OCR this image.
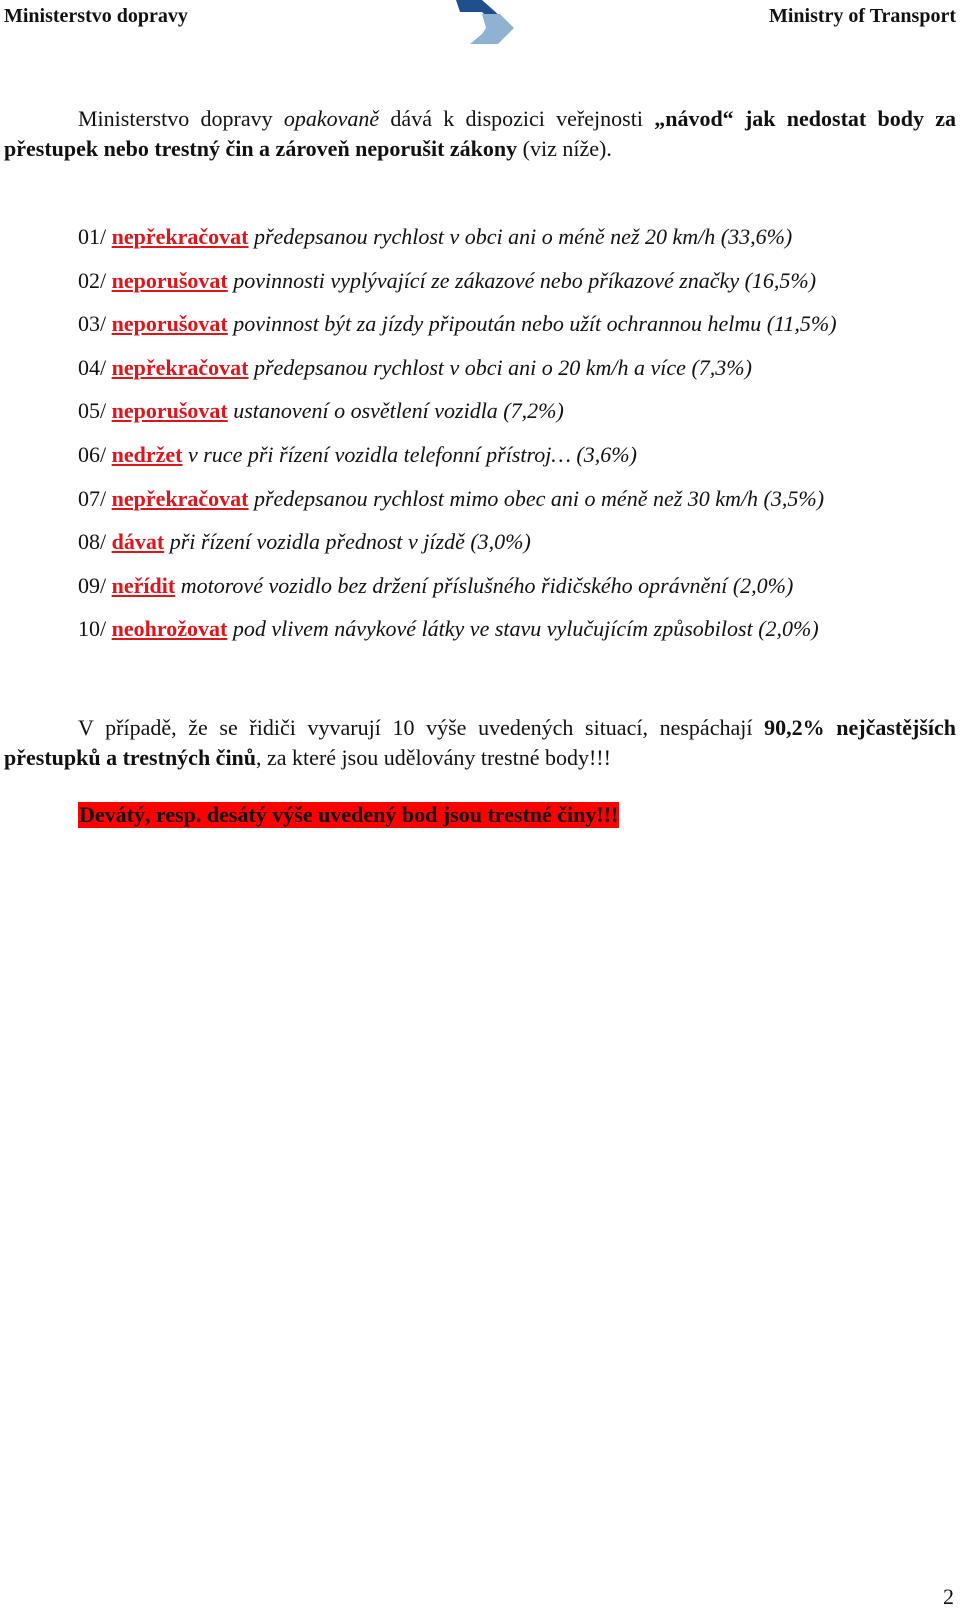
Ministerstvo dopravy	Ministry of Transport

Ministerstvo dopravy opakovaně dává k dispozici veřejnosti „návod“ jak nedostat body za přestupek nebo trestný čin a zároveň neporušit zákony (viz níže).

01/ nepřekračovat předepsanou rychlost v obci ani o méně než 20 km/h (33,6%)
02/ neporušovat povinnosti vyplývající ze zákazové nebo příkazové značky (16,5%)
03/ neporušovat povinnost být za jízdy připoután nebo užít ochrannou helmu (11,5%)
04/ nepřekračovat předepsanou rychlost v obci ani o 20 km/h a více (7,3%)
05/ neporušovat ustanovení o osvětlení vozidla (7,2%)
06/ nedržet v ruce při řízení vozidla telefonní přístroj… (3,6%)
07/ nepřekračovat předepsanou rychlost mimo obec ani o méně než 30 km/h (3,5%)
08/ dávat při řízení vozidla přednost v jízdě (3,0%)
09/ neřídit motorové vozidlo bez držení příslušného řidičského oprávnění (2,0%)
10/ neohrožovat pod vlivem návykové látky ve stavu vylučujícím způsobilost (2,0%)

V případě, že se řidiči vyvarují 10 výše uvedených situací, nespáchají 90,2% nejčastějších přestupků a trestných činů, za které jsou udělovány trestné body!!!

Devátý, resp. desátý výše uvedený bod jsou trestné činy!!!
2
